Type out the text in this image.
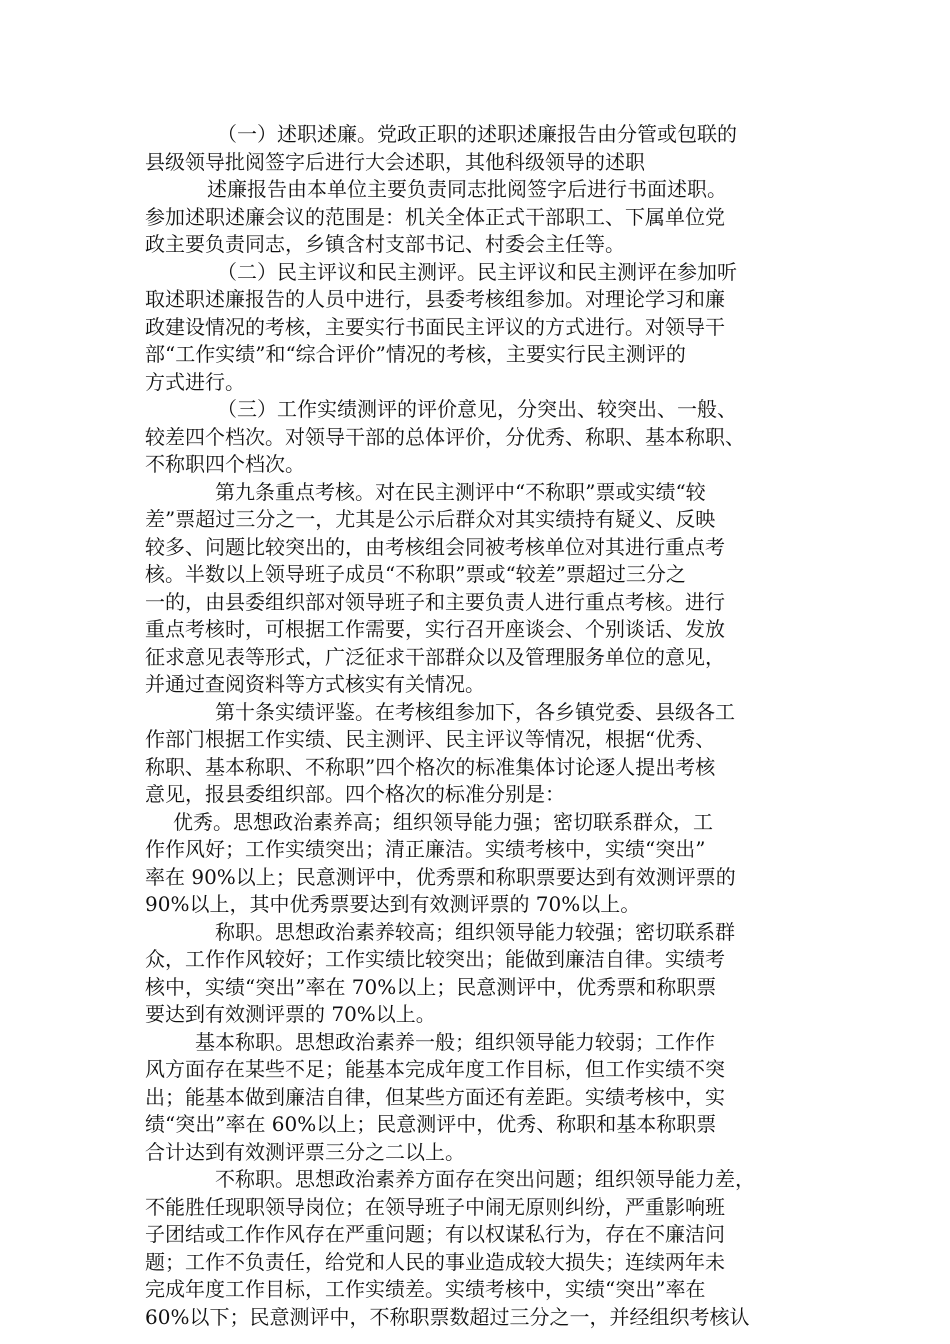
（一）述职述廉。党政正职的述职述廉报告由分管或包联的
县级领导批阅签字后进行大会述职，其他科级领导的述职
述廉报告由本单位主要负责同志批阅签字后进行书面述职。
参加述职述廉会议的范围是：机关全体正式干部职工、下属单位党
政主要负责同志，乡镇含村支部书记、村委会主任等。
（二）民主评议和民主测评。民主评议和民主测评在参加听
取述职述廉报告的人员中进行，县委考核组参加。对理论学习和廉
政建设情况的考核，主要实行书面民主评议的方式进行。对领导干
部“工作实绩”和“综合评价”情况的考核，主要实行民主测评的
方式进行。
（三）工作实绩测评的评价意见，分突出、较突出、一般、
较差四个档次。对领导干部的总体评价，分优秀、称职、基本称职、
不称职四个档次。
第九条重点考核。对在民主测评中“不称职”票或实绩“较
差”票超过三分之一，尤其是公示后群众对其实绩持有疑义、反映
较多、问题比较突出的，由考核组会同被考核单位对其进行重点考
核。半数以上领导班子成员“不称职”票或“较差”票超过三分之
一的，由县委组织部对领导班子和主要负责人进行重点考核。进行
重点考核时，可根据工作需要，实行召开座谈会、个别谈话、发放
征求意见表等形式，广泛征求干部群众以及管理服务单位的意见，
并通过查阅资料等方式核实有关情况。
第十条实绩评鉴。在考核组参加下，各乡镇党委、县级各工
作部门根据工作实绩、民主测评、民主评议等情况，根据“优秀、
称职、基本称职、不称职”四个格次的标准集体讨论逐人提出考核
意见，报县委组织部。四个格次的标准分别是：
优秀。思想政治素养高；组织领导能力强；密切联系群众，工
作作风好；工作实绩突出；清正廉洁。实绩考核中，实绩“突出”
率在 90%以上；民意测评中，优秀票和称职票要达到有效测评票的
90%以上，其中优秀票要达到有效测评票的 70%以上。
称职。思想政治素养较高；组织领导能力较强；密切联系群
众，工作作风较好；工作实绩比较突出；能做到廉洁自律。实绩考
核中，实绩“突出”率在 70%以上；民意测评中，优秀票和称职票
要达到有效测评票的 70%以上。
基本称职。思想政治素养一般；组织领导能力较弱；工作作
风方面存在某些不足；能基本完成年度工作目标，但工作实绩不突
出；能基本做到廉洁自律，但某些方面还有差距。实绩考核中，实
绩“突出”率在 60%以上；民意测评中，优秀、称职和基本称职票
合计达到有效测评票三分之二以上。
不称职。思想政治素养方面存在突出问题；组织领导能力差，
不能胜任现职领导岗位；在领导班子中闹无原则纠纷，严重影响班
子团结或工作作风存在严重问题；有以权谋私行为，存在不廉洁问
题；工作不负责任，给党和人民的事业造成较大损失；连续两年未
完成年度工作目标，工作实绩差。实绩考核中，实绩“突出”率在
60%以下；民意测评中，不称职票数超过三分之一，并经组织考核认
